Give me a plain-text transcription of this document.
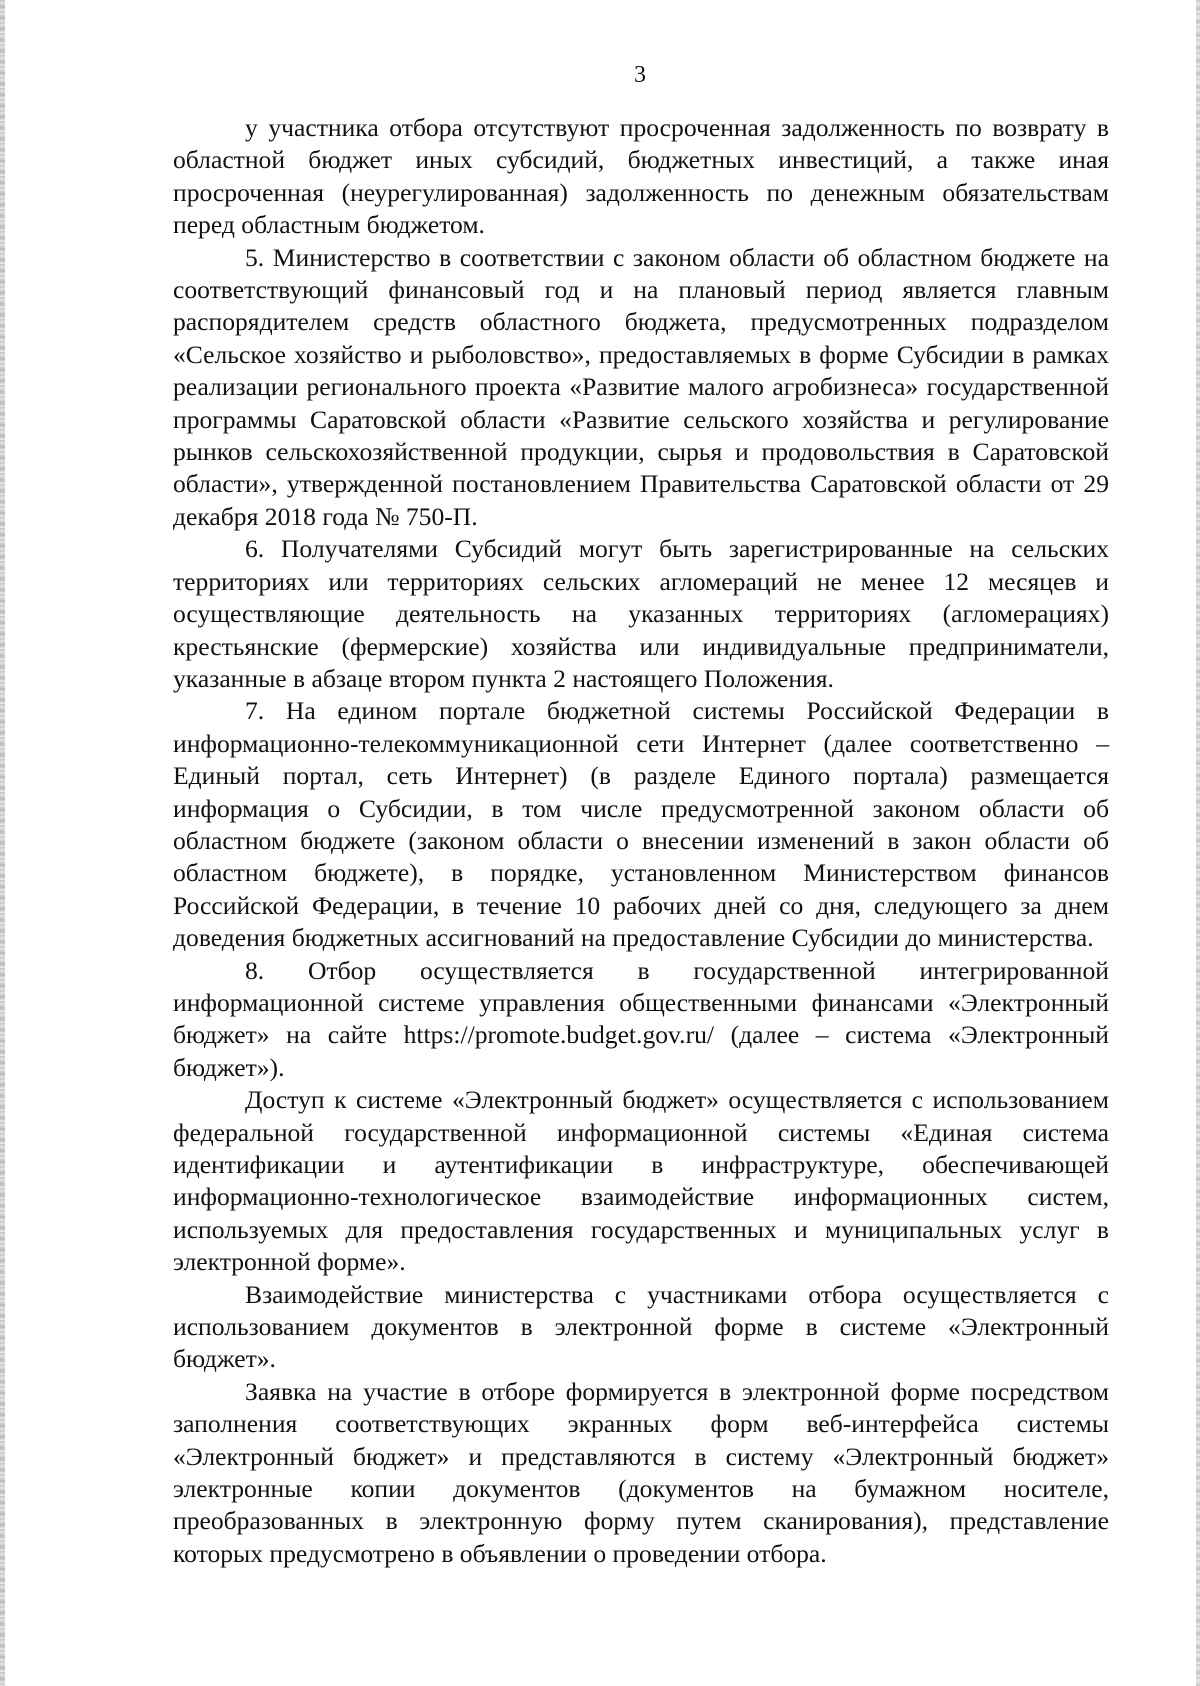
3

у участника отбора отсутствуют просроченная задолженность по возврату в областной бюджет иных субсидий, бюджетных инвестиций, а также иная просроченная (неурегулированная) задолженность по денежным обязательствам перед областным бюджетом.

5. Министерство в соответствии с законом области об областном бюджете на соответствующий финансовый год и на плановый период является главным распорядителем средств областного бюджета, предусмотренных подразделом «Сельское хозяйство и рыболовство», предоставляемых в форме Субсидии в рамках реализации регионального проекта «Развитие малого агробизнеса» государственной программы Саратовской области «Развитие сельского хозяйства и регулирование рынков сельскохозяйственной продукции, сырья и продовольствия в Саратовской области», утвержденной постановлением Правительства Саратовской области от 29 декабря 2018 года № 750-П.

6. Получателями Субсидий могут быть зарегистрированные на сельских территориях или территориях сельских агломераций не менее 12 месяцев и осуществляющие деятельность на указанных территориях (агломерациях) крестьянские (фермерские) хозяйства или индивидуальные предприниматели, указанные в абзаце втором пункта 2 настоящего Положения.

7. На едином портале бюджетной системы Российской Федерации в информационно-телекоммуникационной сети Интернет (далее соответственно – Единый портал, сеть Интернет) (в разделе Единого портала) размещается информация о Субсидии, в том числе предусмотренной законом области об областном бюджете (законом области о внесении изменений в закон области об областном бюджете), в порядке, установленном Министерством финансов Российской Федерации, в течение 10 рабочих дней со дня, следующего за днем доведения бюджетных ассигнований на предоставление Субсидии до министерства.

8. Отбор осуществляется в государственной интегрированной информационной системе управления общественными финансами «Электронный бюджет» на сайте https://promote.budget.gov.ru/ (далее – система «Электронный бюджет»).

Доступ к системе «Электронный бюджет» осуществляется с использованием федеральной государственной информационной системы «Единая система идентификации и аутентификации в инфраструктуре, обеспечивающей информационно-технологическое взаимодействие информационных систем, используемых для предоставления государственных и муниципальных услуг в электронной форме».

Взаимодействие министерства с участниками отбора осуществляется с использованием документов в электронной форме в системе «Электронный бюджет».

Заявка на участие в отборе формируется в электронной форме посредством заполнения соответствующих экранных форм веб-интерфейса системы «Электронный бюджет» и представляются в систему «Электронный бюджет» электронные копии документов (документов на бумажном носителе, преобразованных в электронную форму путем сканирования), представление которых предусмотрено в объявлении о проведении отбора.
